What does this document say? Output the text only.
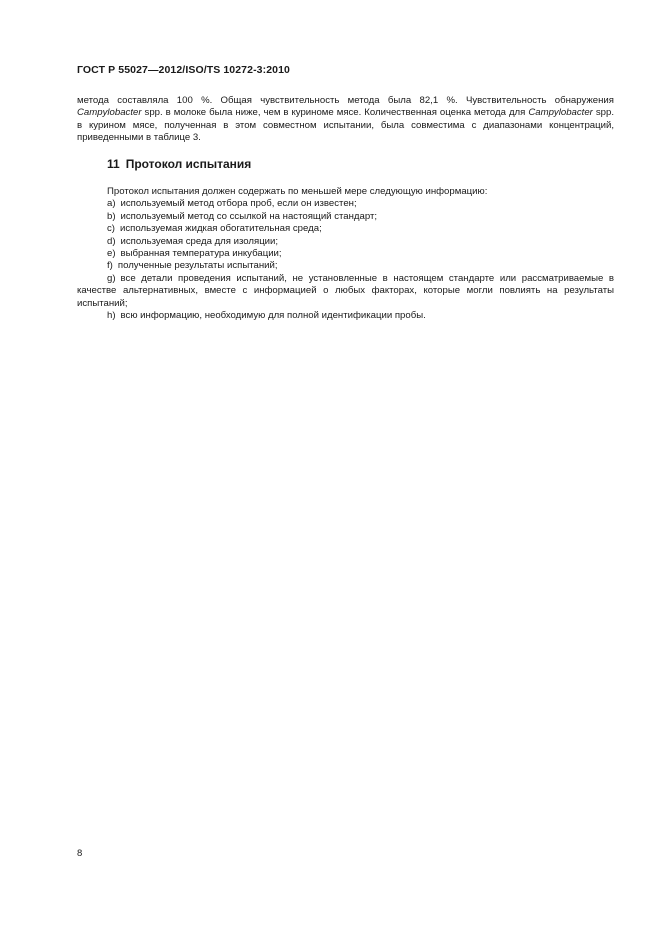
ГОСТ Р 55027—2012/ISO/TS 10272-3:2010

метода составляла 100 %. Общая чувствительность метода была 82,1 %. Чувствительность обнаружения Campylobacter spp. в молоке была ниже, чем в куриноме мясе. Количественная оценка метода для Campylobacter spp. в курином мясе, полученная в этом совместном испытании, была совместима с диапазонами концентраций, приведенными в таблице 3.

11 Протокол испытания

Протокол испытания должен содержать по меньшей мере следующую информацию:

a) используемый метод отбора проб, если он известен;

b) используемый метод со ссылкой на настоящий стандарт;

c) используемая жидкая обогатительная среда;

d) используемая среда для изоляции;

e) выбранная температура инкубации;

f) полученные результаты испытаний;

g) все детали проведения испытаний, не установленные в настоящем стандарте или рассматриваемые в качестве альтернативных, вместе с информацией о любых факторах, которые могли повлиять на результаты испытаний;

h) всю информацию, необходимую для полной идентификации пробы.

8
